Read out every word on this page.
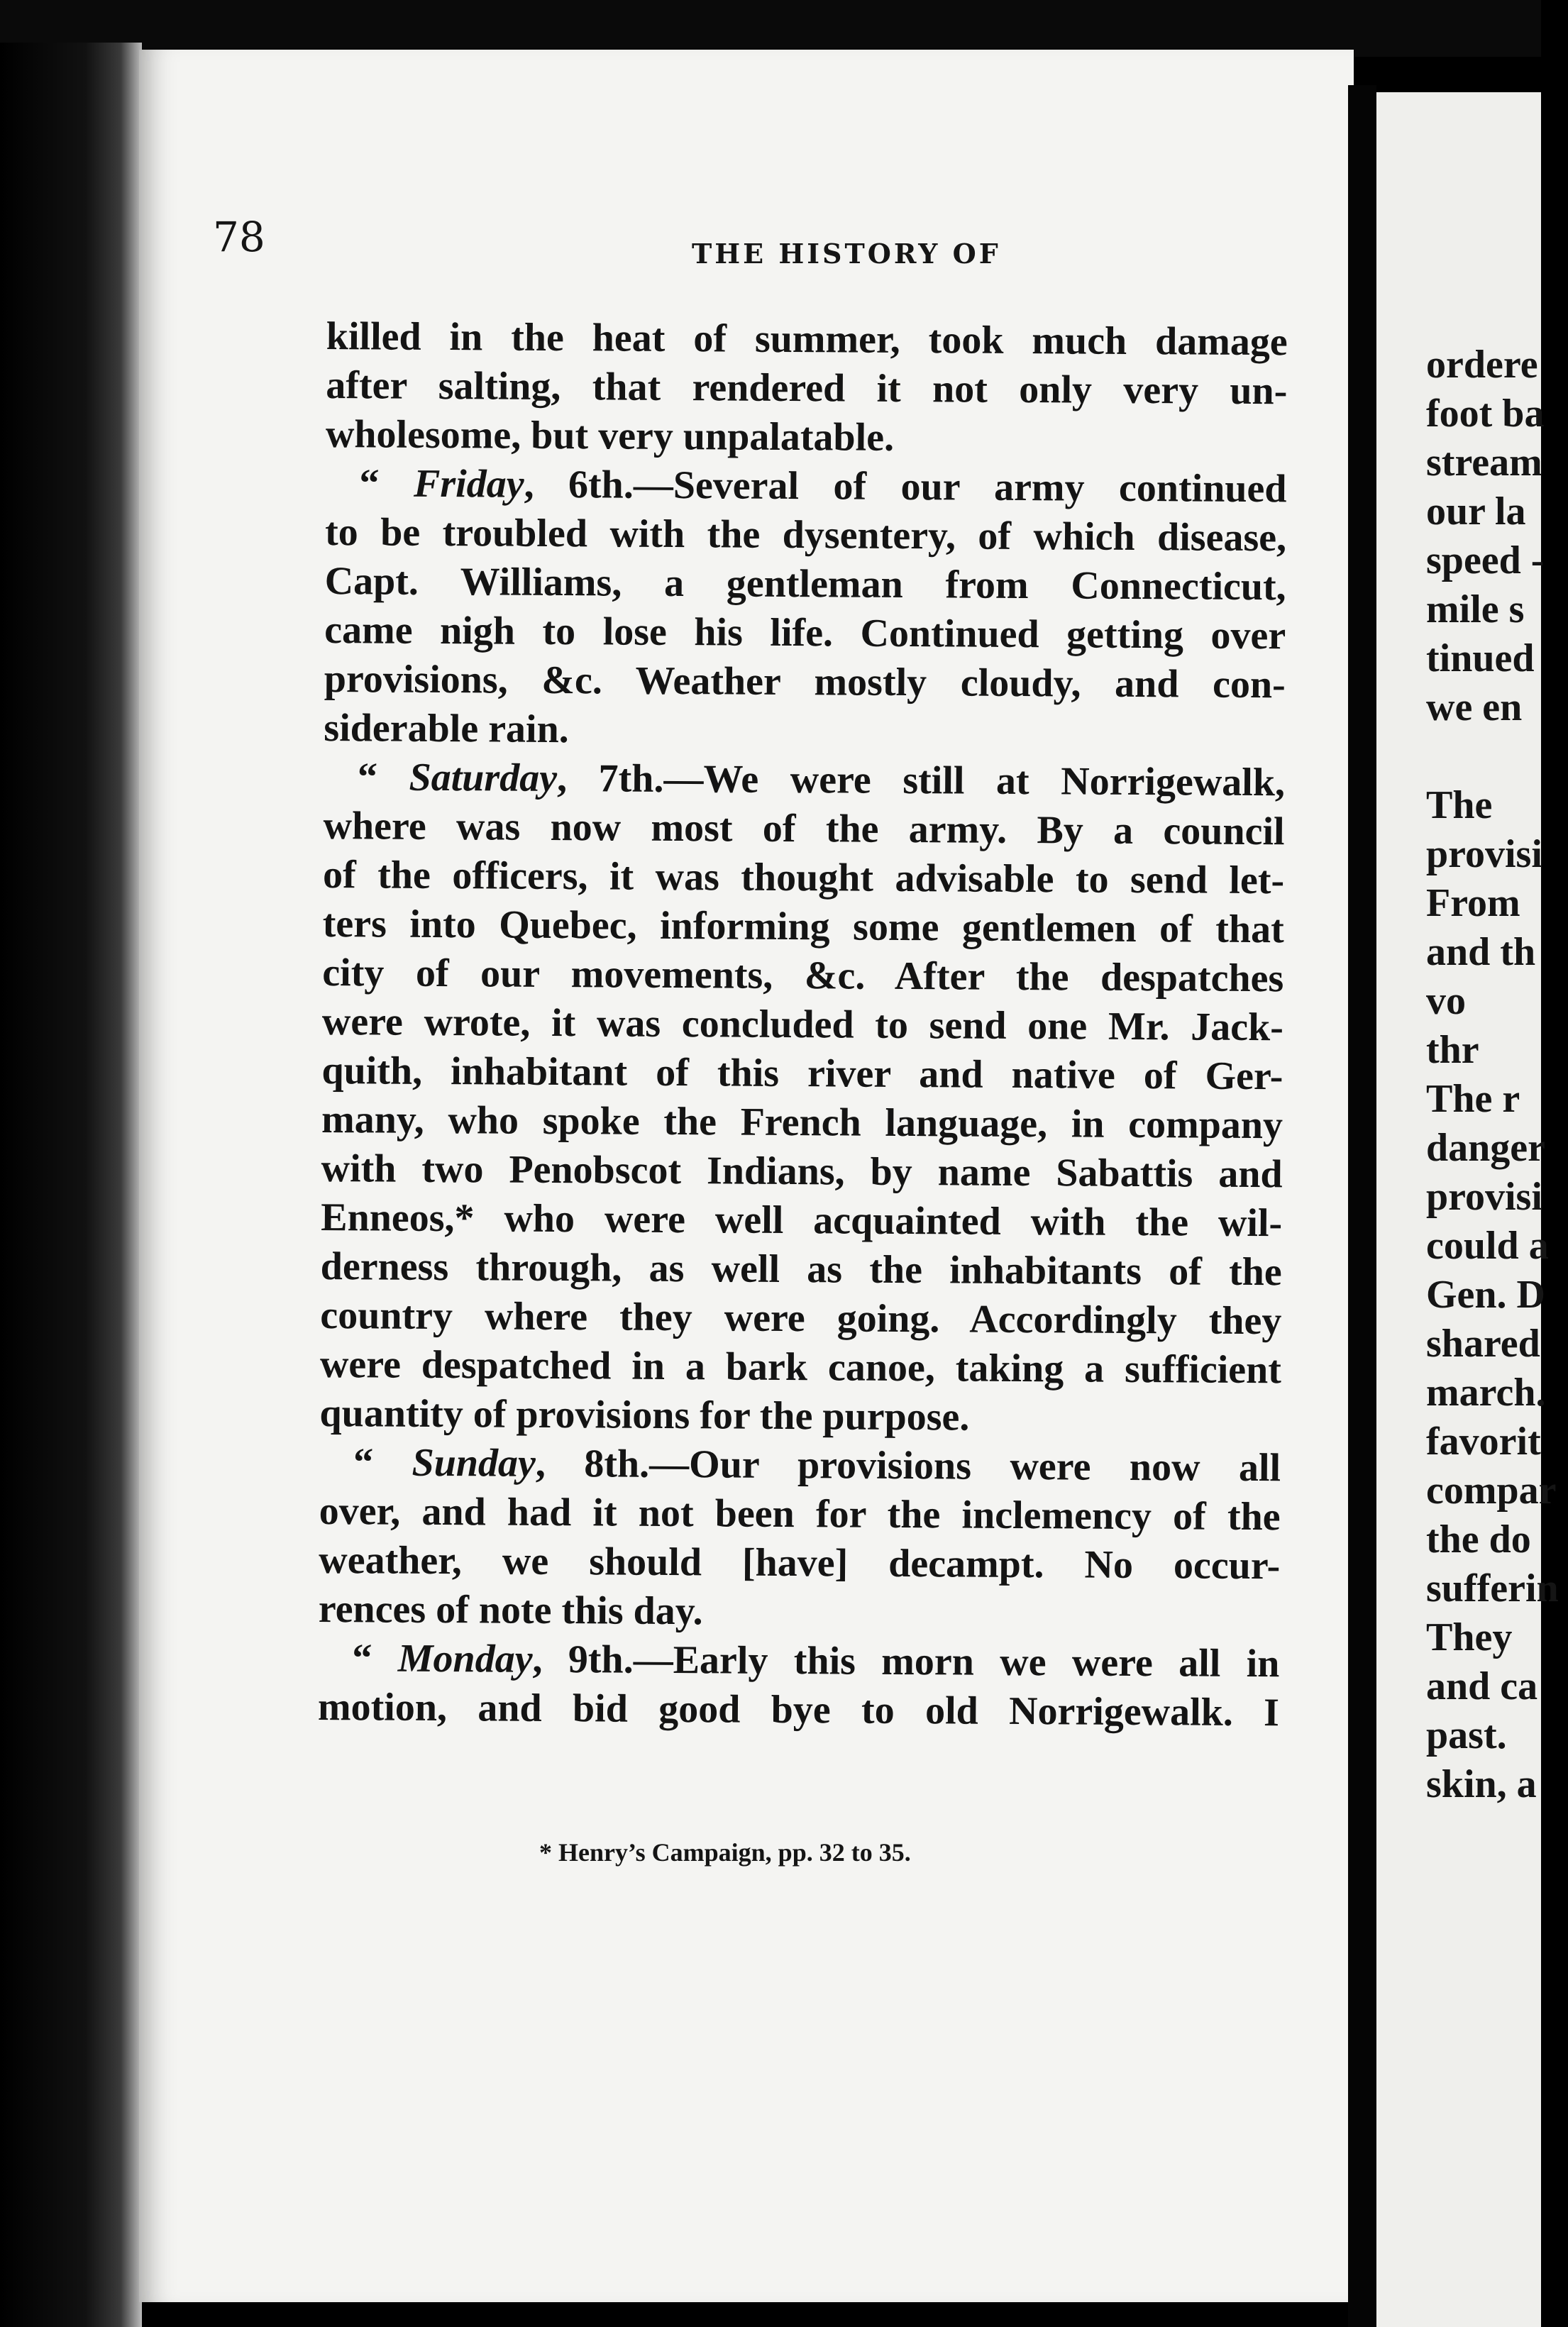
78	THE HISTORY OF

killed in the heat of summer, took much damage

after salting, that rendered it not only very un-

wholesome, but very unpalatable.

“ Friday, 6th.—Several of our army continued

to be troubled with the dysentery, of which disease,

Capt. Williams, a gentleman from Connecticut,

came nigh to lose his life. Continued getting over

provisions, &c. Weather mostly cloudy, and con-

siderable rain.

“ Saturday, 7th.—We were still at Norrigewalk,

where was now most of the army. By a council

of the officers, it was thought advisable to send let-

ters into Quebec, informing some gentlemen of that

city of our movements, &c. After the despatches

were wrote, it was concluded to send one Mr. Jack-

quith, inhabitant of this river and native of Ger-

many, who spoke the French language, in company

with two Penobscot Indians, by name Sabattis and

Enneos,* who were well acquainted with the wil-

derness through, as well as the inhabitants of the

country where they were going. Accordingly they

were despatched in a bark canoe, taking a sufficient

quantity of provisions for the purpose.

“ Sunday, 8th.—Our provisions were now all

over, and had it not been for the inclemency of the

weather, we should [have] decampt. No occur-

rences of note this day.

“ Monday, 9th.—Early this morn we were all in

motion, and bid good bye to old Norrigewalk. I

* Henry’s Campaign, pp. 32 to 35.
ordere
foot ba
stream
our la
speed -
mile s
tinued
we en
The
provisi
From
and th
vo
thr
The r
danger
provisi
could a
Gen. D
shared
march.
favorit
compar
the do
sufferin
They
and ca
past.
skin, a
